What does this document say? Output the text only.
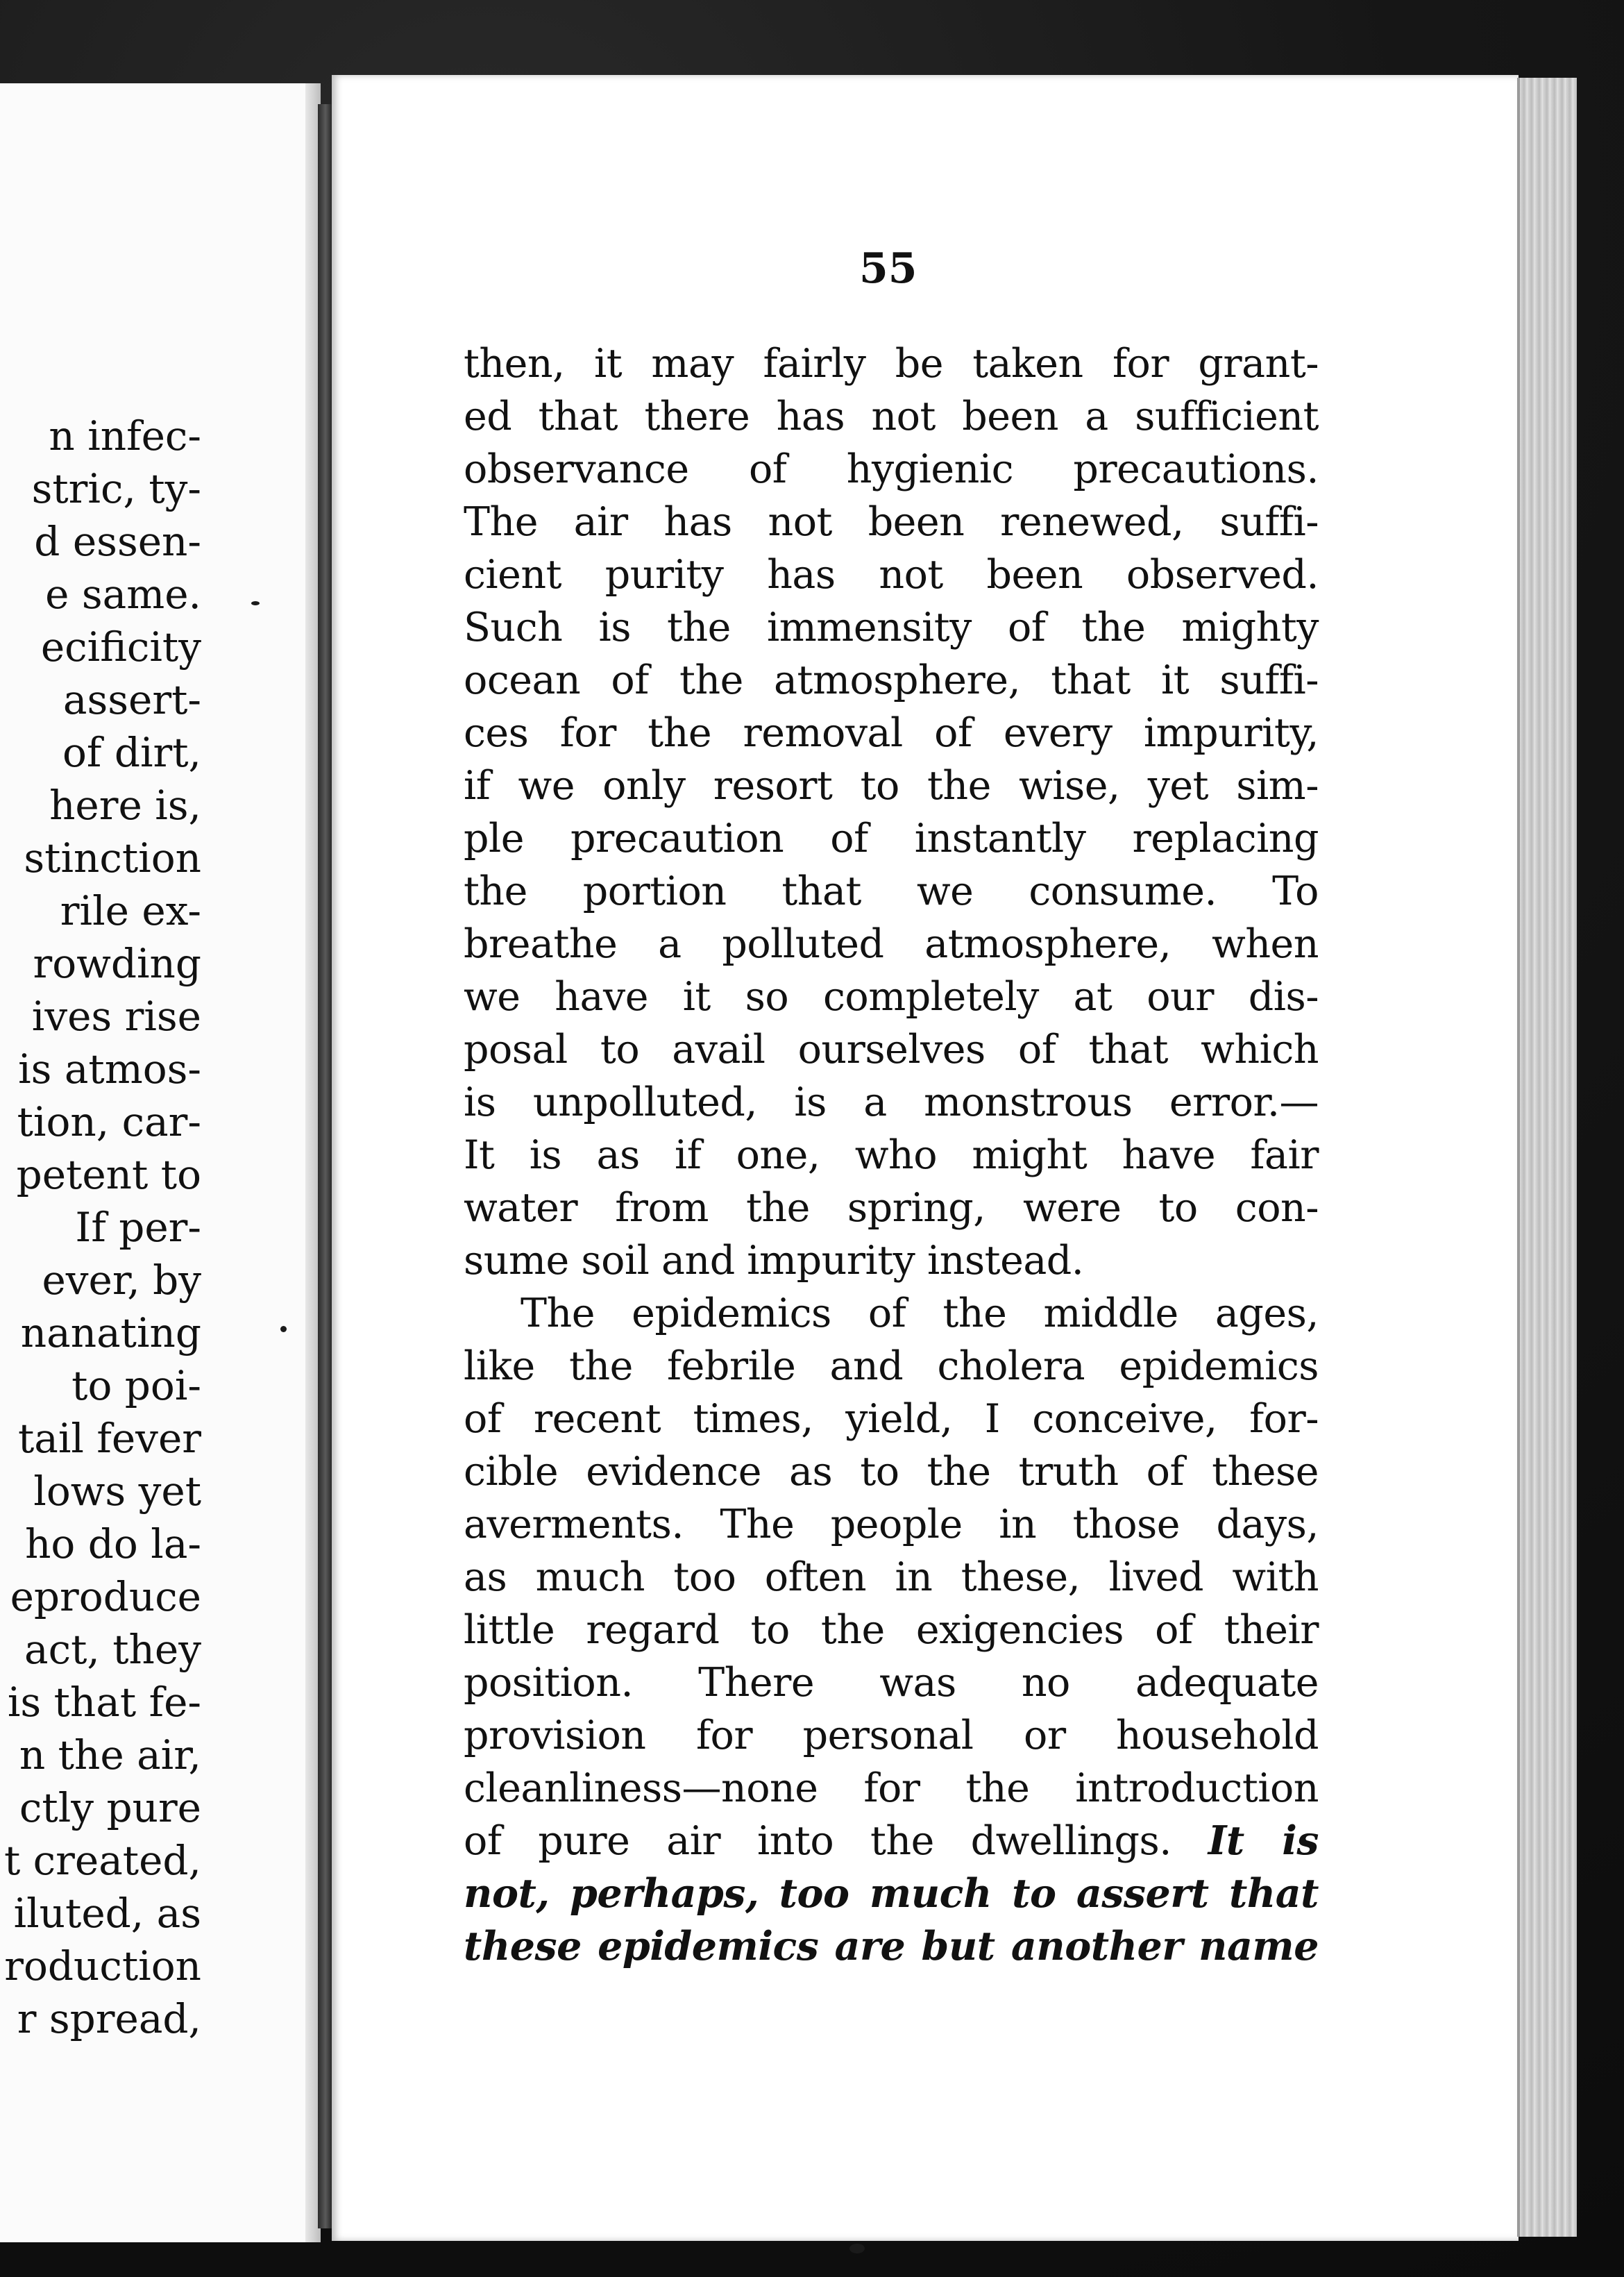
n infec-
stric, ty-
d essen-
e same.
ecificity
assert-
of dirt,
here is,
stinction
rile ex-
rowding
ives rise
is atmos-
tion, car-
petent to
If per-
ever, by
nanating
to poi-
tail fever
lows yet
ho do la-
eproduce
act, they
is that fe-
n the air,
ctly pure
t created,
iluted, as
roduction
r spread,
55
then, it may fairly be taken for grant-
ed that there has not been a sufficient
observance of hygienic precautions.
The air has not been renewed, suffi-
cient purity has not been observed.
Such is the immensity of the mighty
ocean of the atmosphere, that it suffi-
ces for the removal of every impurity,
if we only resort to the wise, yet sim-
ple precaution of instantly replacing
the portion that we consume. To
breathe a polluted atmosphere, when
we have it so completely at our dis-
posal to avail ourselves of that which
is unpolluted, is a monstrous error.—
It is as if one, who might have fair
water from the spring, were to con-
sume soil and impurity instead.
The epidemics of the middle ages,
like the febrile and cholera epidemics
of recent times, yield, I conceive, for-
cible evidence as to the truth of these
averments. The people in those days,
as much too often in these, lived with
little regard to the exigencies of their
position. There was no adequate
provision for personal or household
cleanliness—none for the introduction
of pure air into the dwellings. It is
not, perhaps, too much to assert that
these epidemics are but another name
